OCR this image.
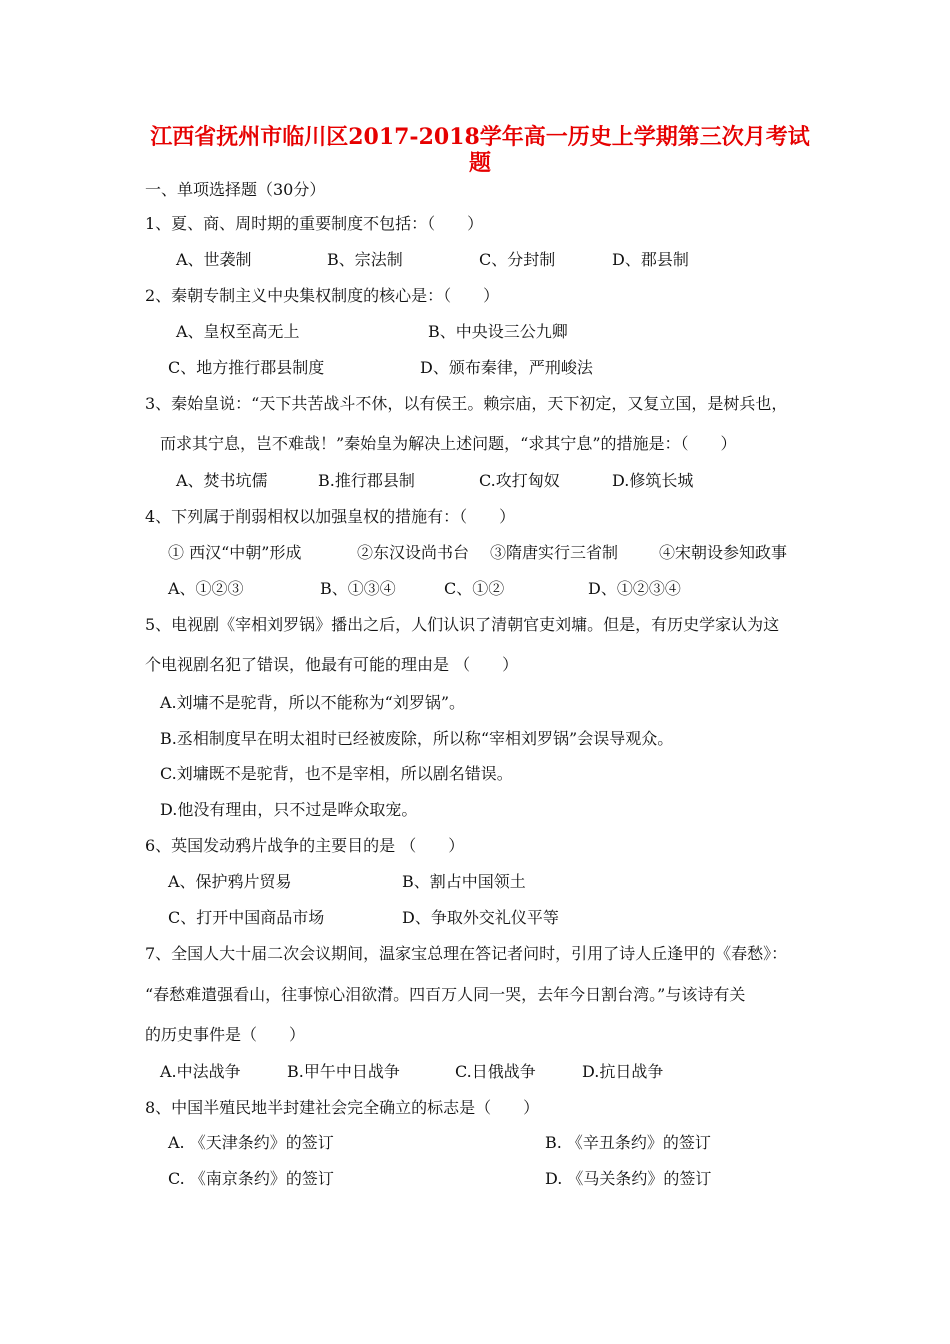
江西省抚州市临川区2017-2018学年高一历史上学期第三次月考试
题
一、单项选择题（30分）
1、夏、商、周时期的重要制度不包括：（　　）
A、世袭制	B、宗法制	C、分封制	D、郡县制
2、秦朝专制主义中央集权制度的核心是：（　　）
A、皇权至高无上	B、中央设三公九卿
C、地方推行郡县制度	D、颁布秦律，严刑峻法
3、秦始皇说：“天下共苦战斗不休，以有侯王。赖宗庙，天下初定，又复立国，是树兵也，
而求其宁息，岂不难哉！”秦始皇为解决上述问题，“求其宁息”的措施是：（　　）
A、焚书坑儒	B.推行郡县制	C.攻打匈奴	D.修筑长城
4、下列属于削弱相权以加强皇权的措施有：（　　）
① 西汉“中朝”形成	②东汉设尚书台 ③隋唐实行三省制	④宋朝设参知政事
A、①②③	B、①③④	C、①②	D、①②③④
5、电视剧《宰相刘罗锅》播出之后，人们认识了清朝官吏刘墉。但是，有历史学家认为这
个电视剧名犯了错误，他最有可能的理由是 （　　）
A.刘墉不是驼背，所以不能称为“刘罗锅”。
B.丞相制度早在明太祖时已经被废除，所以称“宰相刘罗锅”会误导观众。
C.刘墉既不是驼背，也不是宰相，所以剧名错误。
D.他没有理由，只不过是哗众取宠。
6、英国发动鸦片战争的主要目的是 （　　）
A、保护鸦片贸易	B、割占中国领土
C、打开中国商品市场	D、争取外交礼仪平等
7、全国人大十届二次会议期间，温家宝总理在答记者问时，引用了诗人丘逢甲的《春愁》：
“春愁难遣强看山，往事惊心泪欲潸。四百万人同一哭，去年今日割台湾。”与该诗有关
的历史事件是（　　）
A.中法战争	B.甲午中日战争	C.日俄战争	D.抗日战争
8、中国半殖民地半封建社会完全确立的标志是（　　）
A. 《天津条约》的签订	B. 《辛丑条约》的签订
C. 《南京条约》的签订	D. 《马关条约》的签订
